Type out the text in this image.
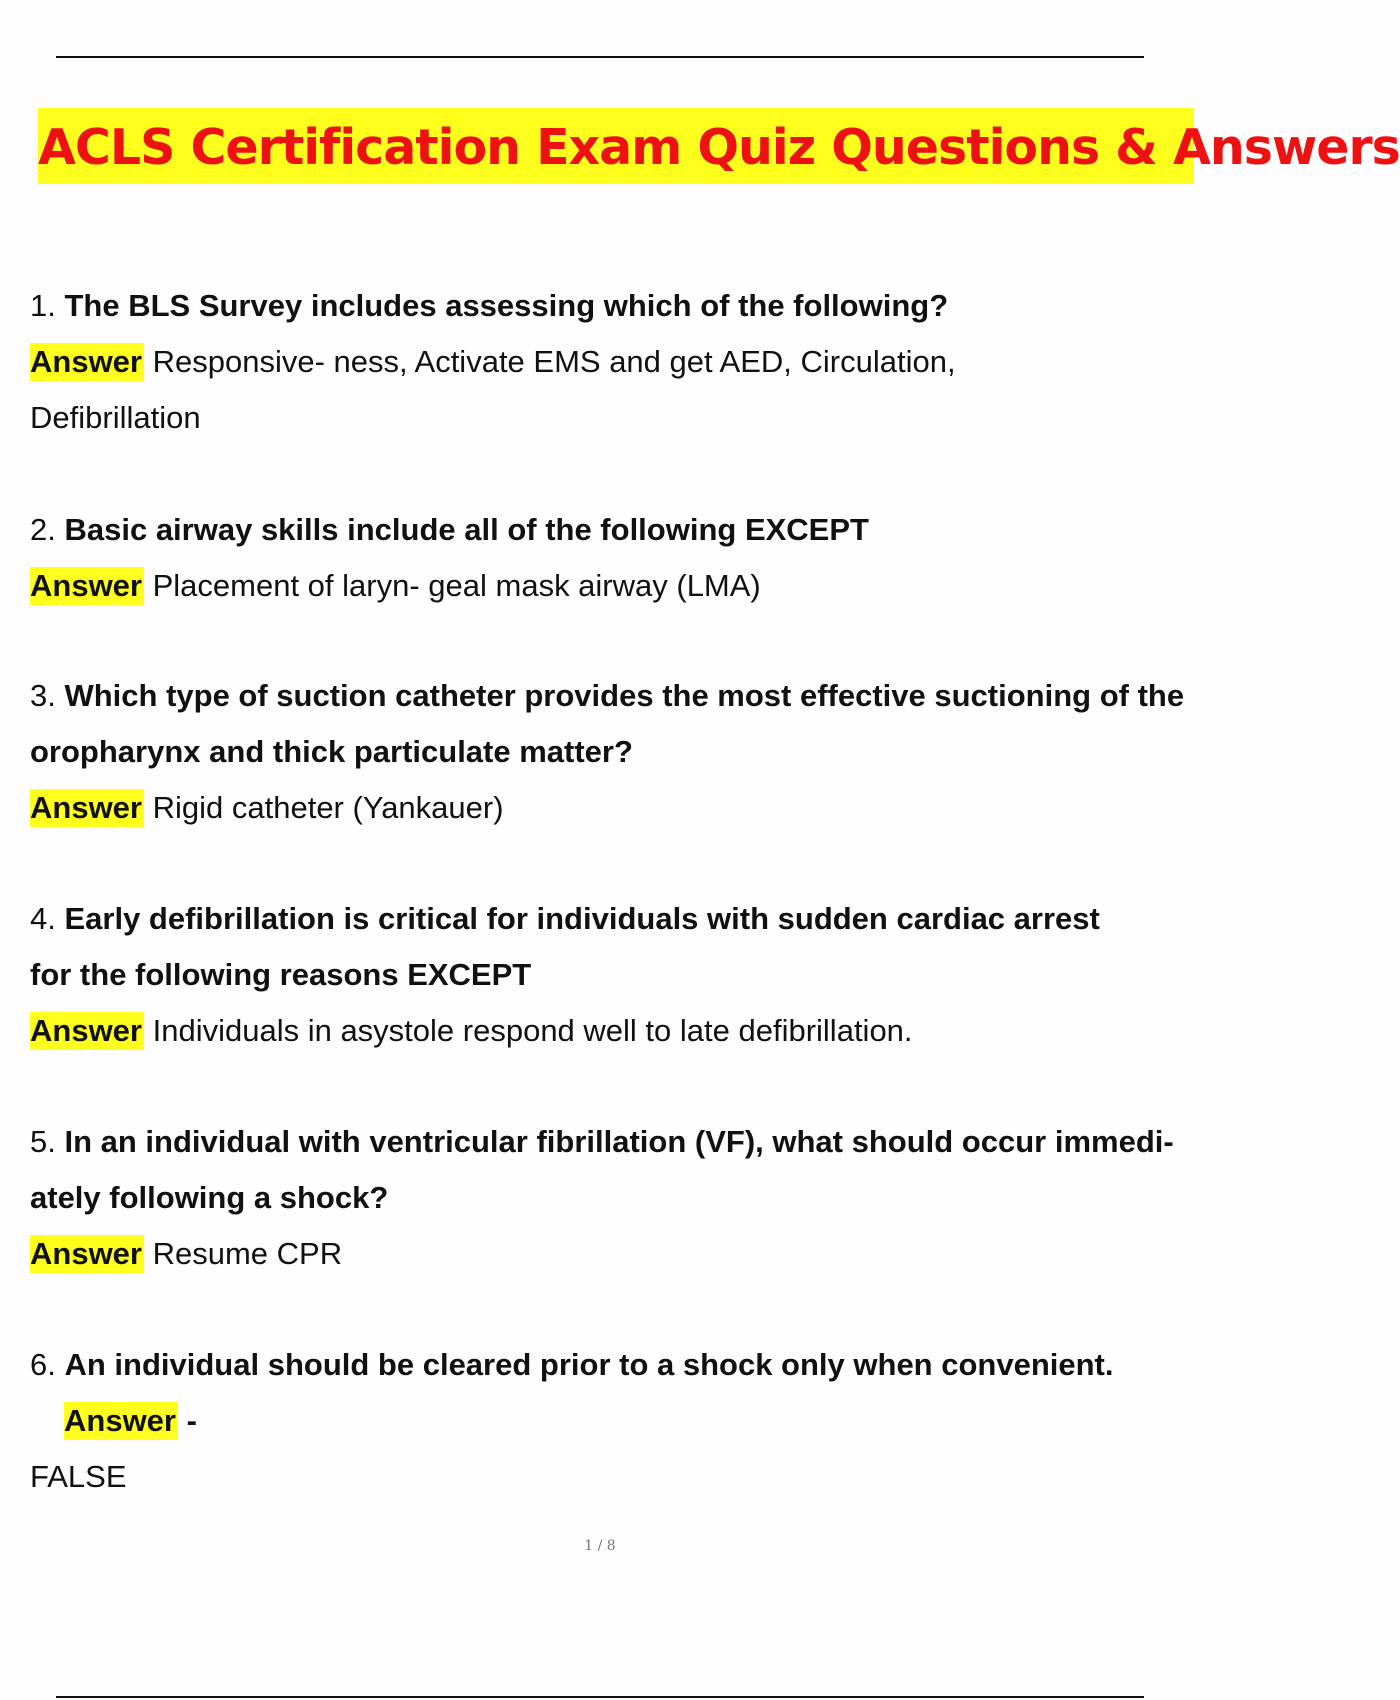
ACLS Certification Exam Quiz Questions & Answers

1. The BLS Survey includes assessing which of the following?

Answer Responsive- ness, Activate EMS and get AED, Circulation,

Defibrillation

2. Basic airway skills include all of the following EXCEPT

Answer Placement of laryn- geal mask airway (LMA)

3. Which type of suction catheter provides the most effective suctioning of the

oropharynx and thick particulate matter?

Answer Rigid catheter (Yankauer)

4. Early defibrillation is critical for individuals with sudden cardiac arrest

for the following reasons EXCEPT

Answer Individuals in asystole respond well to late defibrillation.

5. In an individual with ventricular fibrillation (VF), what should occur immedi-

ately following a shock?

Answer Resume CPR

6. An individual should be cleared prior to a shock only when convenient.

Answer -

FALSE

1 / 8
